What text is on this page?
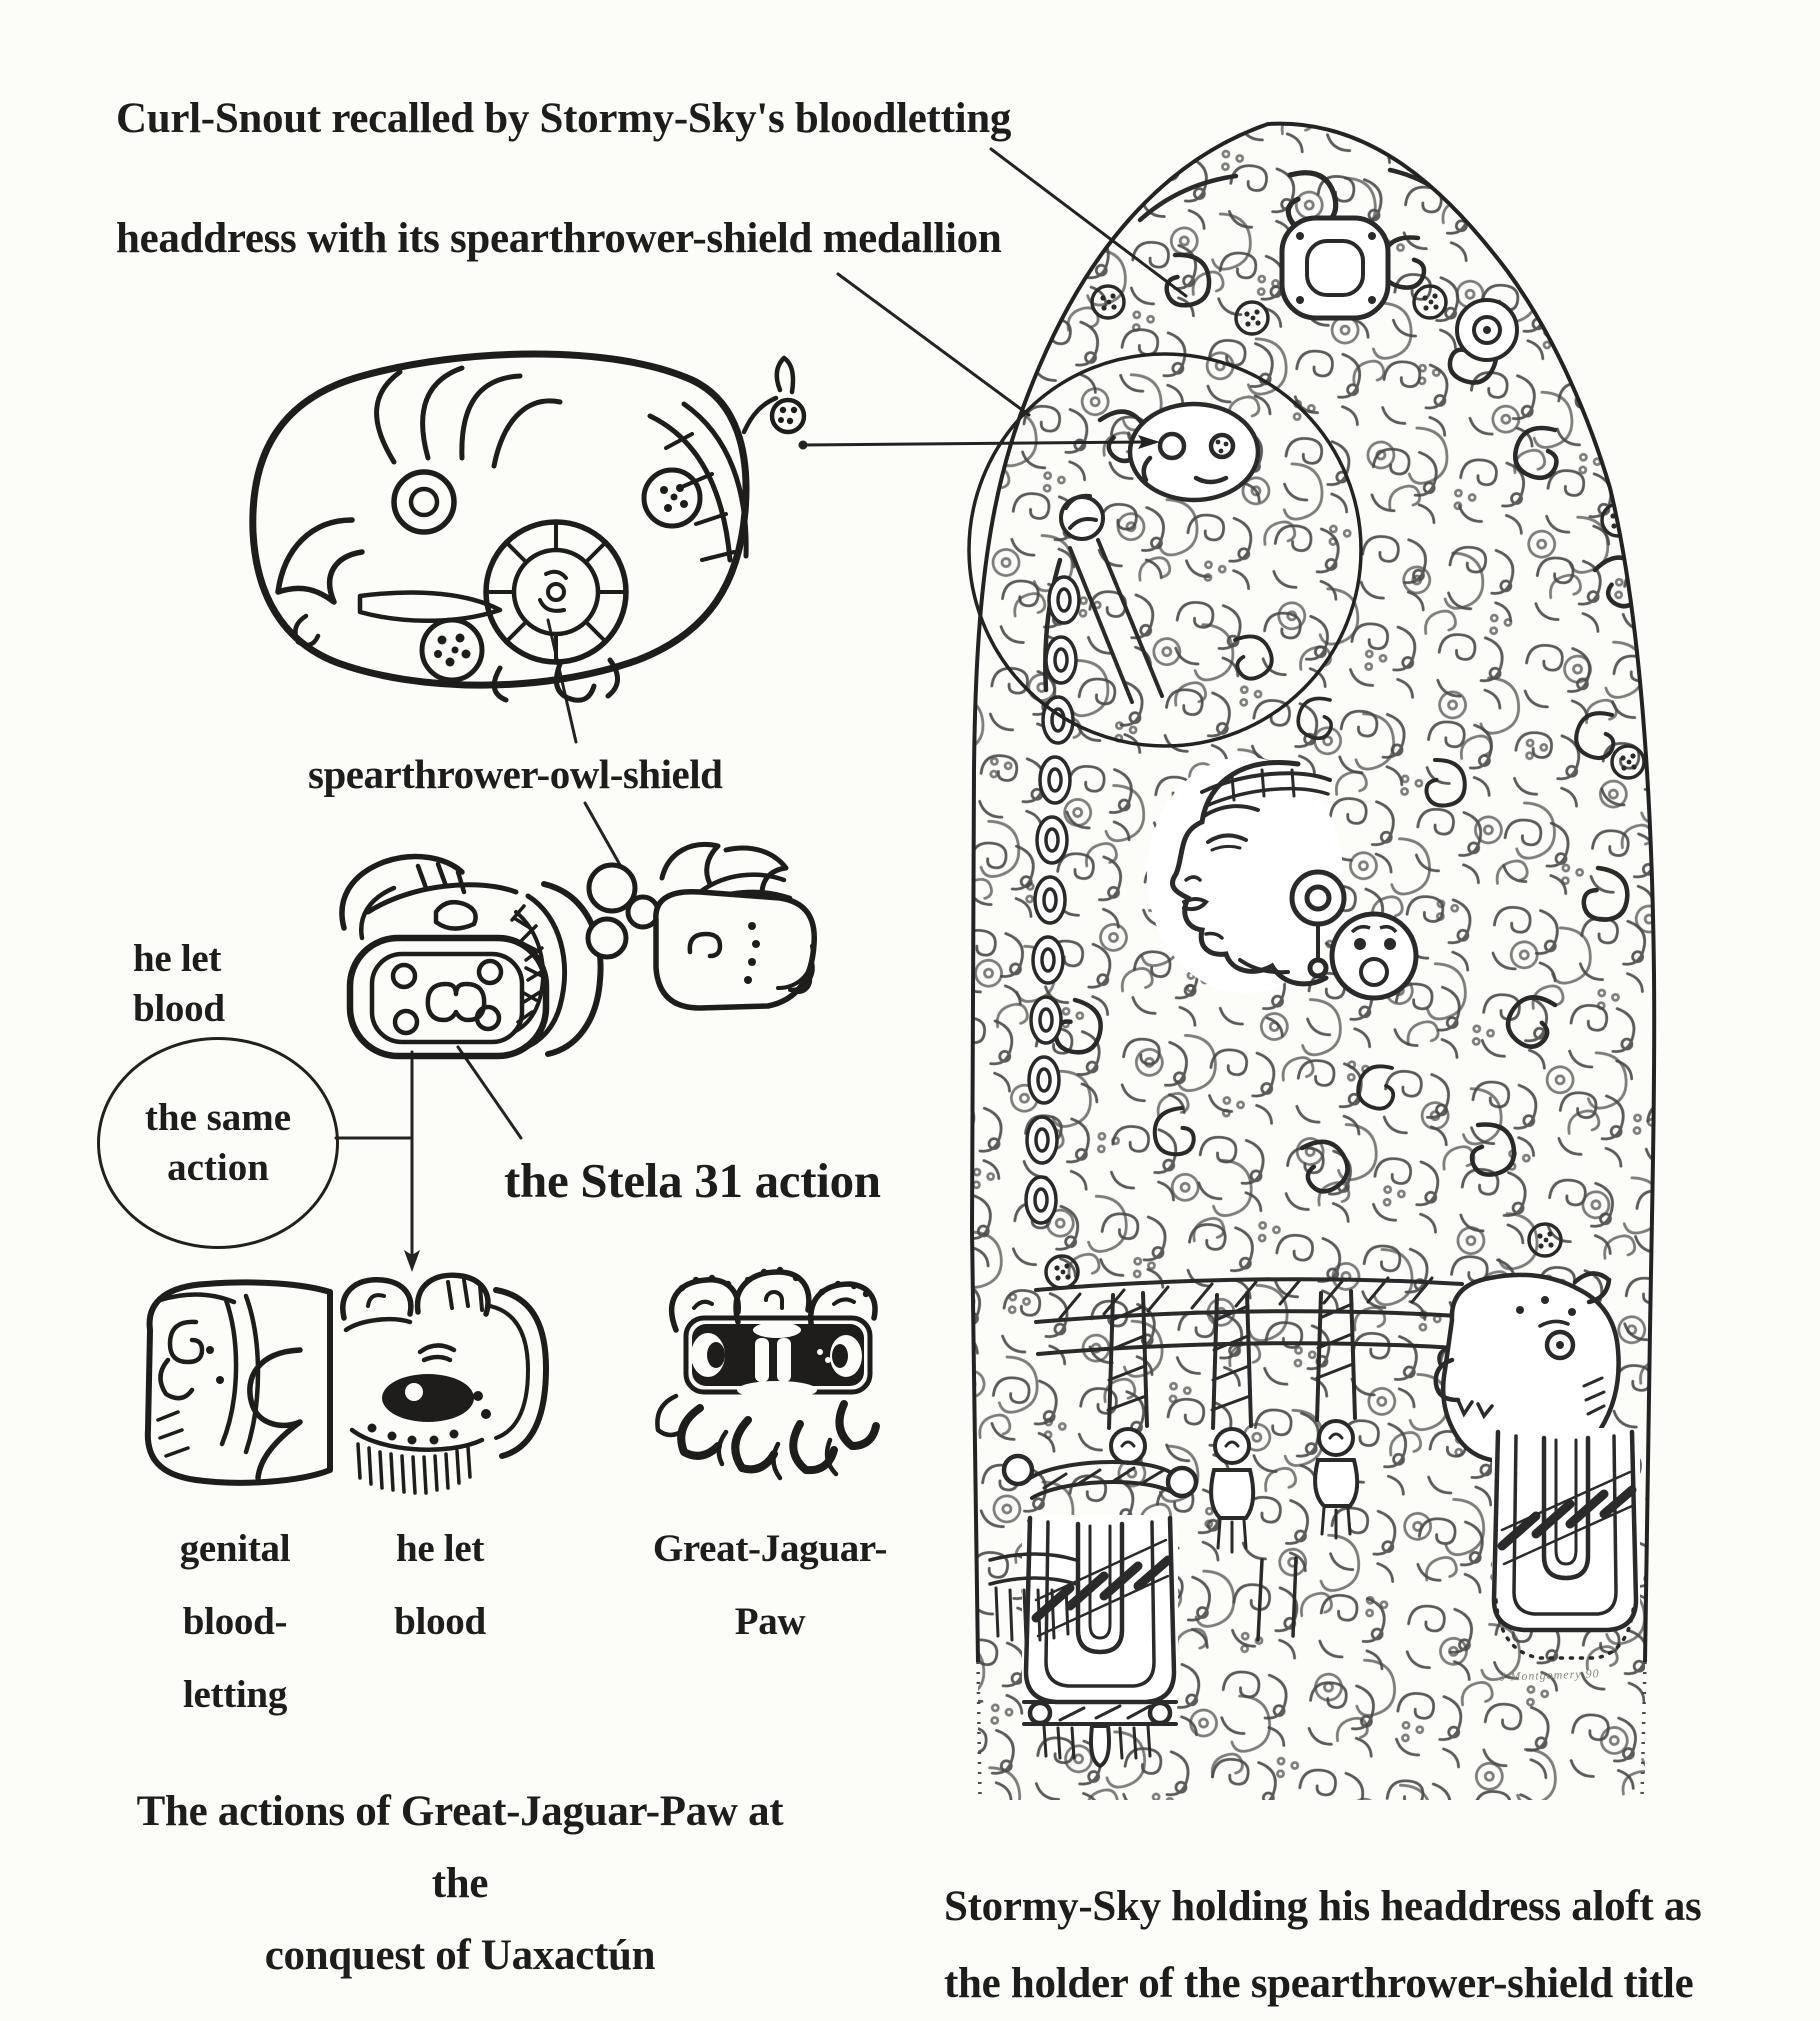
Curl-Snout recalled by Stormy-Sky's bloodletting
headdress with its spearthrower-shield medallion
spearthrower-owl-shield
he let
blood
the same
action	the Stela 31 action
genital
blood-
letting
he let
blood
Great-Jaguar-
Paw
The actions of Great-Jaguar-Paw at the
conquest of Uaxactún
Stormy-Sky holding his headdress aloft as
the holder of the spearthrower-shield title
J Montgomery 90
